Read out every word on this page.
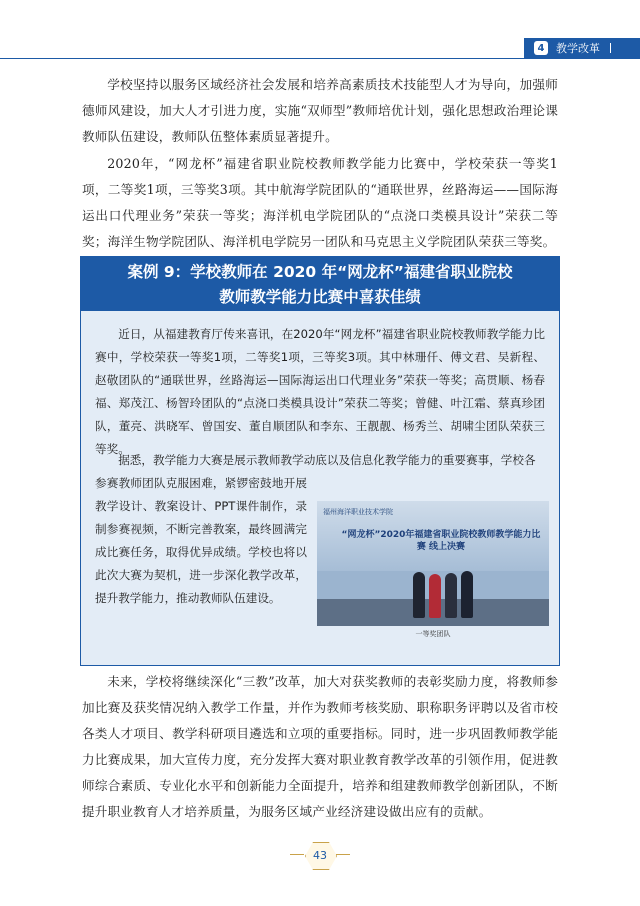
4	教学改革

学校坚持以服务区域经济社会发展和培养高素质技术技能型人才为导向，加强师德师风建设，加大人才引进力度，实施“双师型”教师培优计划，强化思想政治理论课教师队伍建设，教师队伍整体素质显著提升。

2020年，“网龙杯”福建省职业院校教师教学能力比赛中，学校荣获一等奖1项，二等奖1项，三等奖3项。其中航海学院团队的“通联世界，丝路海运——国际海运出口代理业务”荣获一等奖；海洋机电学院团队的“点浇口类模具设计”荣获二等奖；海洋生物学院团队、海洋机电学院另一团队和马克思主义学院团队荣获三等奖。

案例 9：学校教师在 2020 年“网龙杯”福建省职业院校
教师教学能力比赛中喜获佳绩

近日，从福建教育厅传来喜讯，在2020年“网龙杯”福建省职业院校教师教学能力比赛中，学校荣获一等奖1项，二等奖1项，三等奖3项。其中林珊仟、傅文君、吴新程、赵敬团队的“通联世界，丝路海运—国际海运出口代理业务”荣获一等奖；高贯顺、杨春福、郑茂江、杨智玲团队的“点浇口类模具设计”荣获二等奖；曾健、叶江霜、蔡真珍团队，董亮、洪晓军、曾国安、董自顺团队和李东、王靓靓、杨秀兰、胡啸尘团队荣获三等奖。

据悉，教学能力大赛是展示教师教学动底以及信息化教学能力的重要赛事，学校各

参赛教师团队克服困难，紧锣密鼓地开展教学设计、教案设计、PPT课件制作，录制参赛视频，不断完善教案，最终圆满完成比赛任务，取得优异成绩。学校也将以此次大赛为契机，进一步深化教学改革，提升教学能力，推动教师队伍建设。

福州海洋职业技术学院
“网龙杯”2020年福建省职业院校教师教学能力比赛 线上决赛
一等奖团队

未来，学校将继续深化“三教”改革，加大对获奖教师的表彰奖励力度，将教师参加比赛及获奖情况纳入教学工作量，并作为教师考核奖励、职称职务评聘以及省市校各类人才项目、教学科研项目遴选和立项的重要指标。同时，进一步巩固教师教学能力比赛成果，加大宣传力度，充分发挥大赛对职业教育教学改革的引领作用，促进教师综合素质、专业化水平和创新能力全面提升，培养和组建教师教学创新团队，不断提升职业教育人才培养质量，为服务区域产业经济建设做出应有的贡献。

43
